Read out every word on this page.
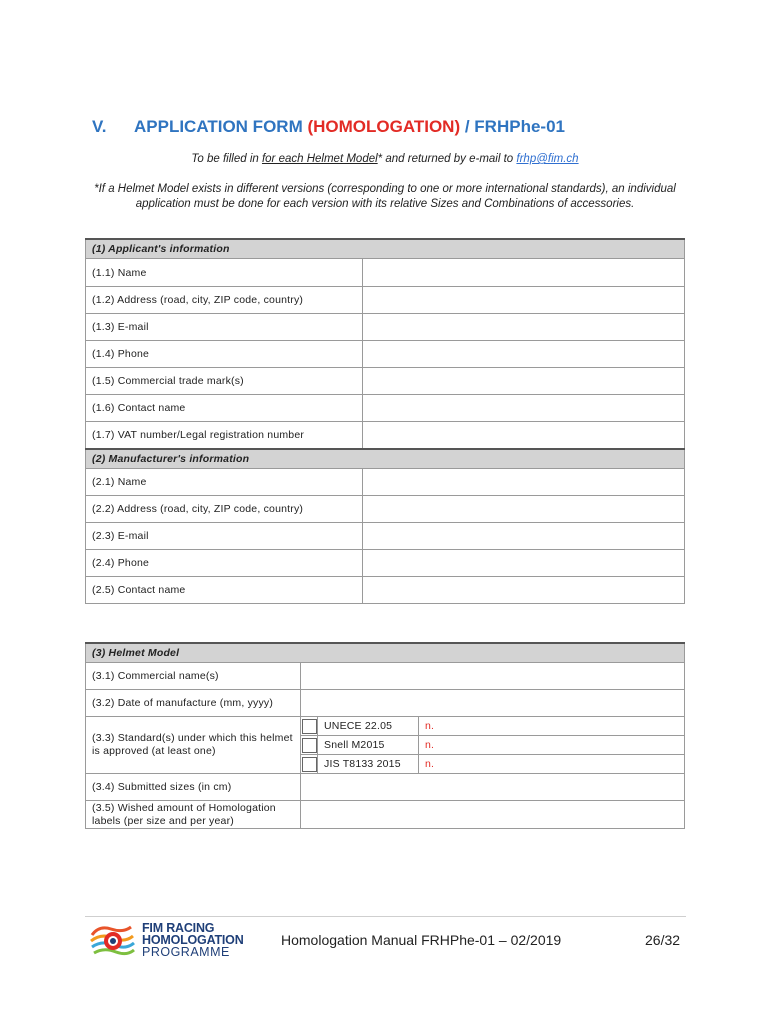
V. APPLICATION FORM (HOMOLOGATION) / FRHPhe-01
To be filled in for each Helmet Model* and returned by e-mail to frhp@fim.ch
*If a Helmet Model exists in different versions (corresponding to one or more international standards), an individual application must be done for each version with its relative Sizes and Combinations of accessories.
(1) Applicant's information	
(1.1) Name	
(1.2) Address (road, city, ZIP code, country)	
(1.3) E-mail	
(1.4) Phone	
(1.5) Commercial trade mark(s)	
(1.6) Contact name	
(1.7) VAT number/Legal registration number	
(2) Manufacturer's information	
(2.1) Name	
(2.2) Address (road, city, ZIP code, country)	
(2.3) E-mail	
(2.4) Phone	
(2.5) Contact name	
(3) Helmet Model			
(3.1) Commercial name(s)			
(3.2) Date of manufacture (mm, yyyy)			
(3.3) Standard(s) under which this helmet is approved (at least one)		UNECE 22.05	n.

		Snell M2015	n.

		JIS T8133 2015	n.
(3.4) Submitted sizes (in cm)			
(3.5) Wished amount of Homologation labels (per size and per year)			
FIM RACING
HOMOLOGATION
PROGRAMME
Homologation Manual FRHPhe-01 – 02/2019	26/32
